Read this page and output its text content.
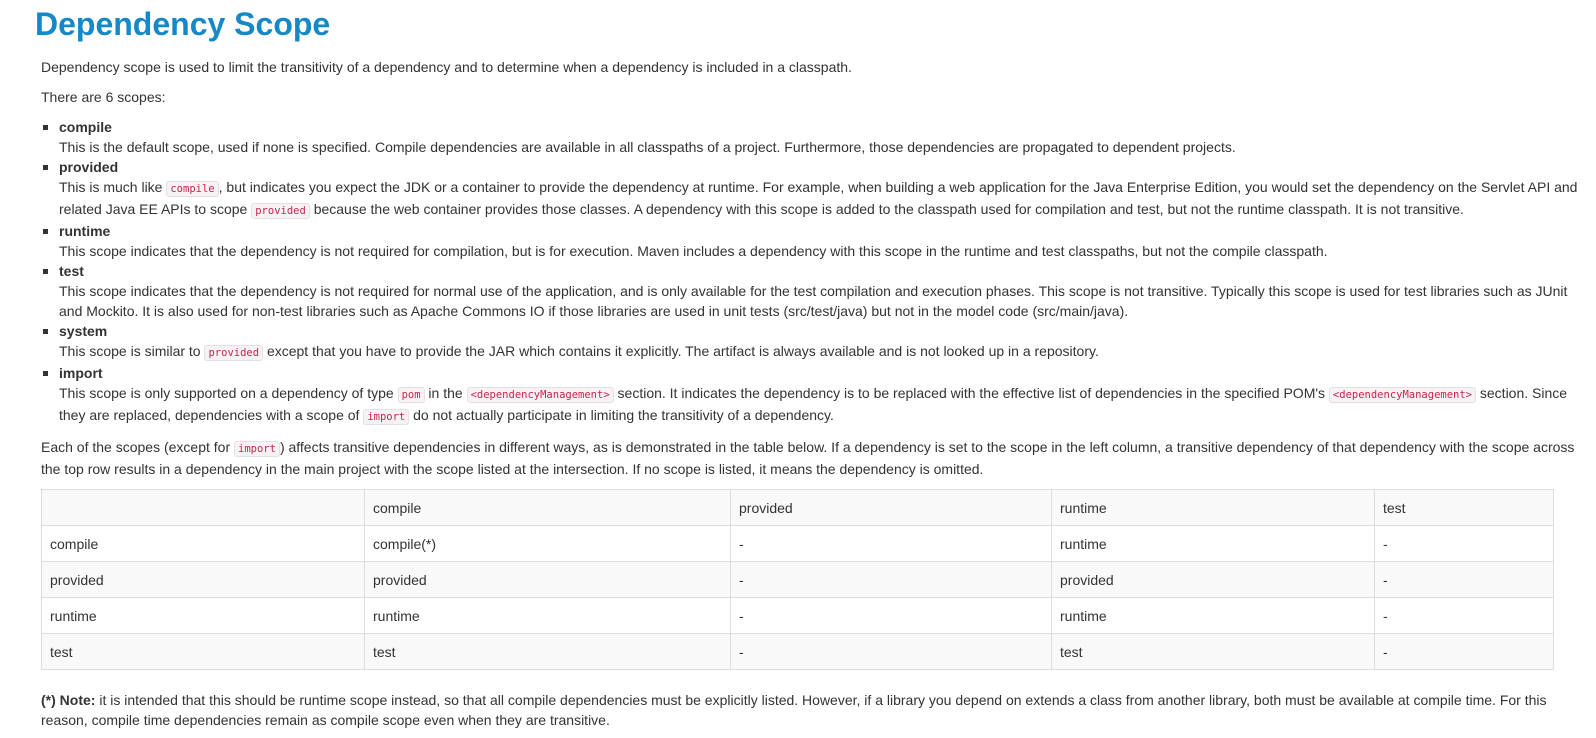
Dependency Scope

Dependency scope is used to limit the transitivity of a dependency and to determine when a dependency is included in a classpath.

There are 6 scopes:

compile
This is the default scope, used if none is specified. Compile dependencies are available in all classpaths of a project. Furthermore, those dependencies are propagated to dependent projects.
provided
This is much like compile , but indicates you expect the JDK or a container to provide the dependency at runtime. For example, when building a web application for the Java Enterprise Edition, you would set the dependency on the Servlet API and related Java EE APIs to scope provided because the web container provides those classes. A dependency with this scope is added to the classpath used for compilation and test, but not the runtime classpath. It is not transitive.
runtime
This scope indicates that the dependency is not required for compilation, but is for execution. Maven includes a dependency with this scope in the runtime and test classpaths, but not the compile classpath.
test
This scope indicates that the dependency is not required for normal use of the application, and is only available for the test compilation and execution phases. This scope is not transitive. Typically this scope is used for test libraries such as JUnit and Mockito. It is also used for non-test libraries such as Apache Commons IO if those libraries are used in unit tests (src/test/java) but not in the model code (src/main/java).
system
This scope is similar to provided except that you have to provide the JAR which contains it explicitly. The artifact is always available and is not looked up in a repository.
import
This scope is only supported on a dependency of type pom in the <dependencyManagement> section. It indicates the dependency is to be replaced with the effective list of dependencies in the specified POM's <dependencyManagement> section. Since they are replaced, dependencies with a scope of import do not actually participate in limiting the transitivity of a dependency.

Each of the scopes (except for import ) affects transitive dependencies in different ways, as is demonstrated in the table below. If a dependency is set to the scope in the left column, a transitive dependency of that dependency with the scope across the top row results in a dependency in the main project with the scope listed at the intersection. If no scope is listed, it means the dependency is omitted.

	compile	provided	runtime	test
compile	compile(*)	-	runtime	-
provided	provided	-	provided	-
runtime	runtime	-	runtime	-
test	test	-	test	-

(*) Note: it is intended that this should be runtime scope instead, so that all compile dependencies must be explicitly listed. However, if a library you depend on extends a class from another library, both must be available at compile time. For this reason, compile time dependencies remain as compile scope even when they are transitive.
